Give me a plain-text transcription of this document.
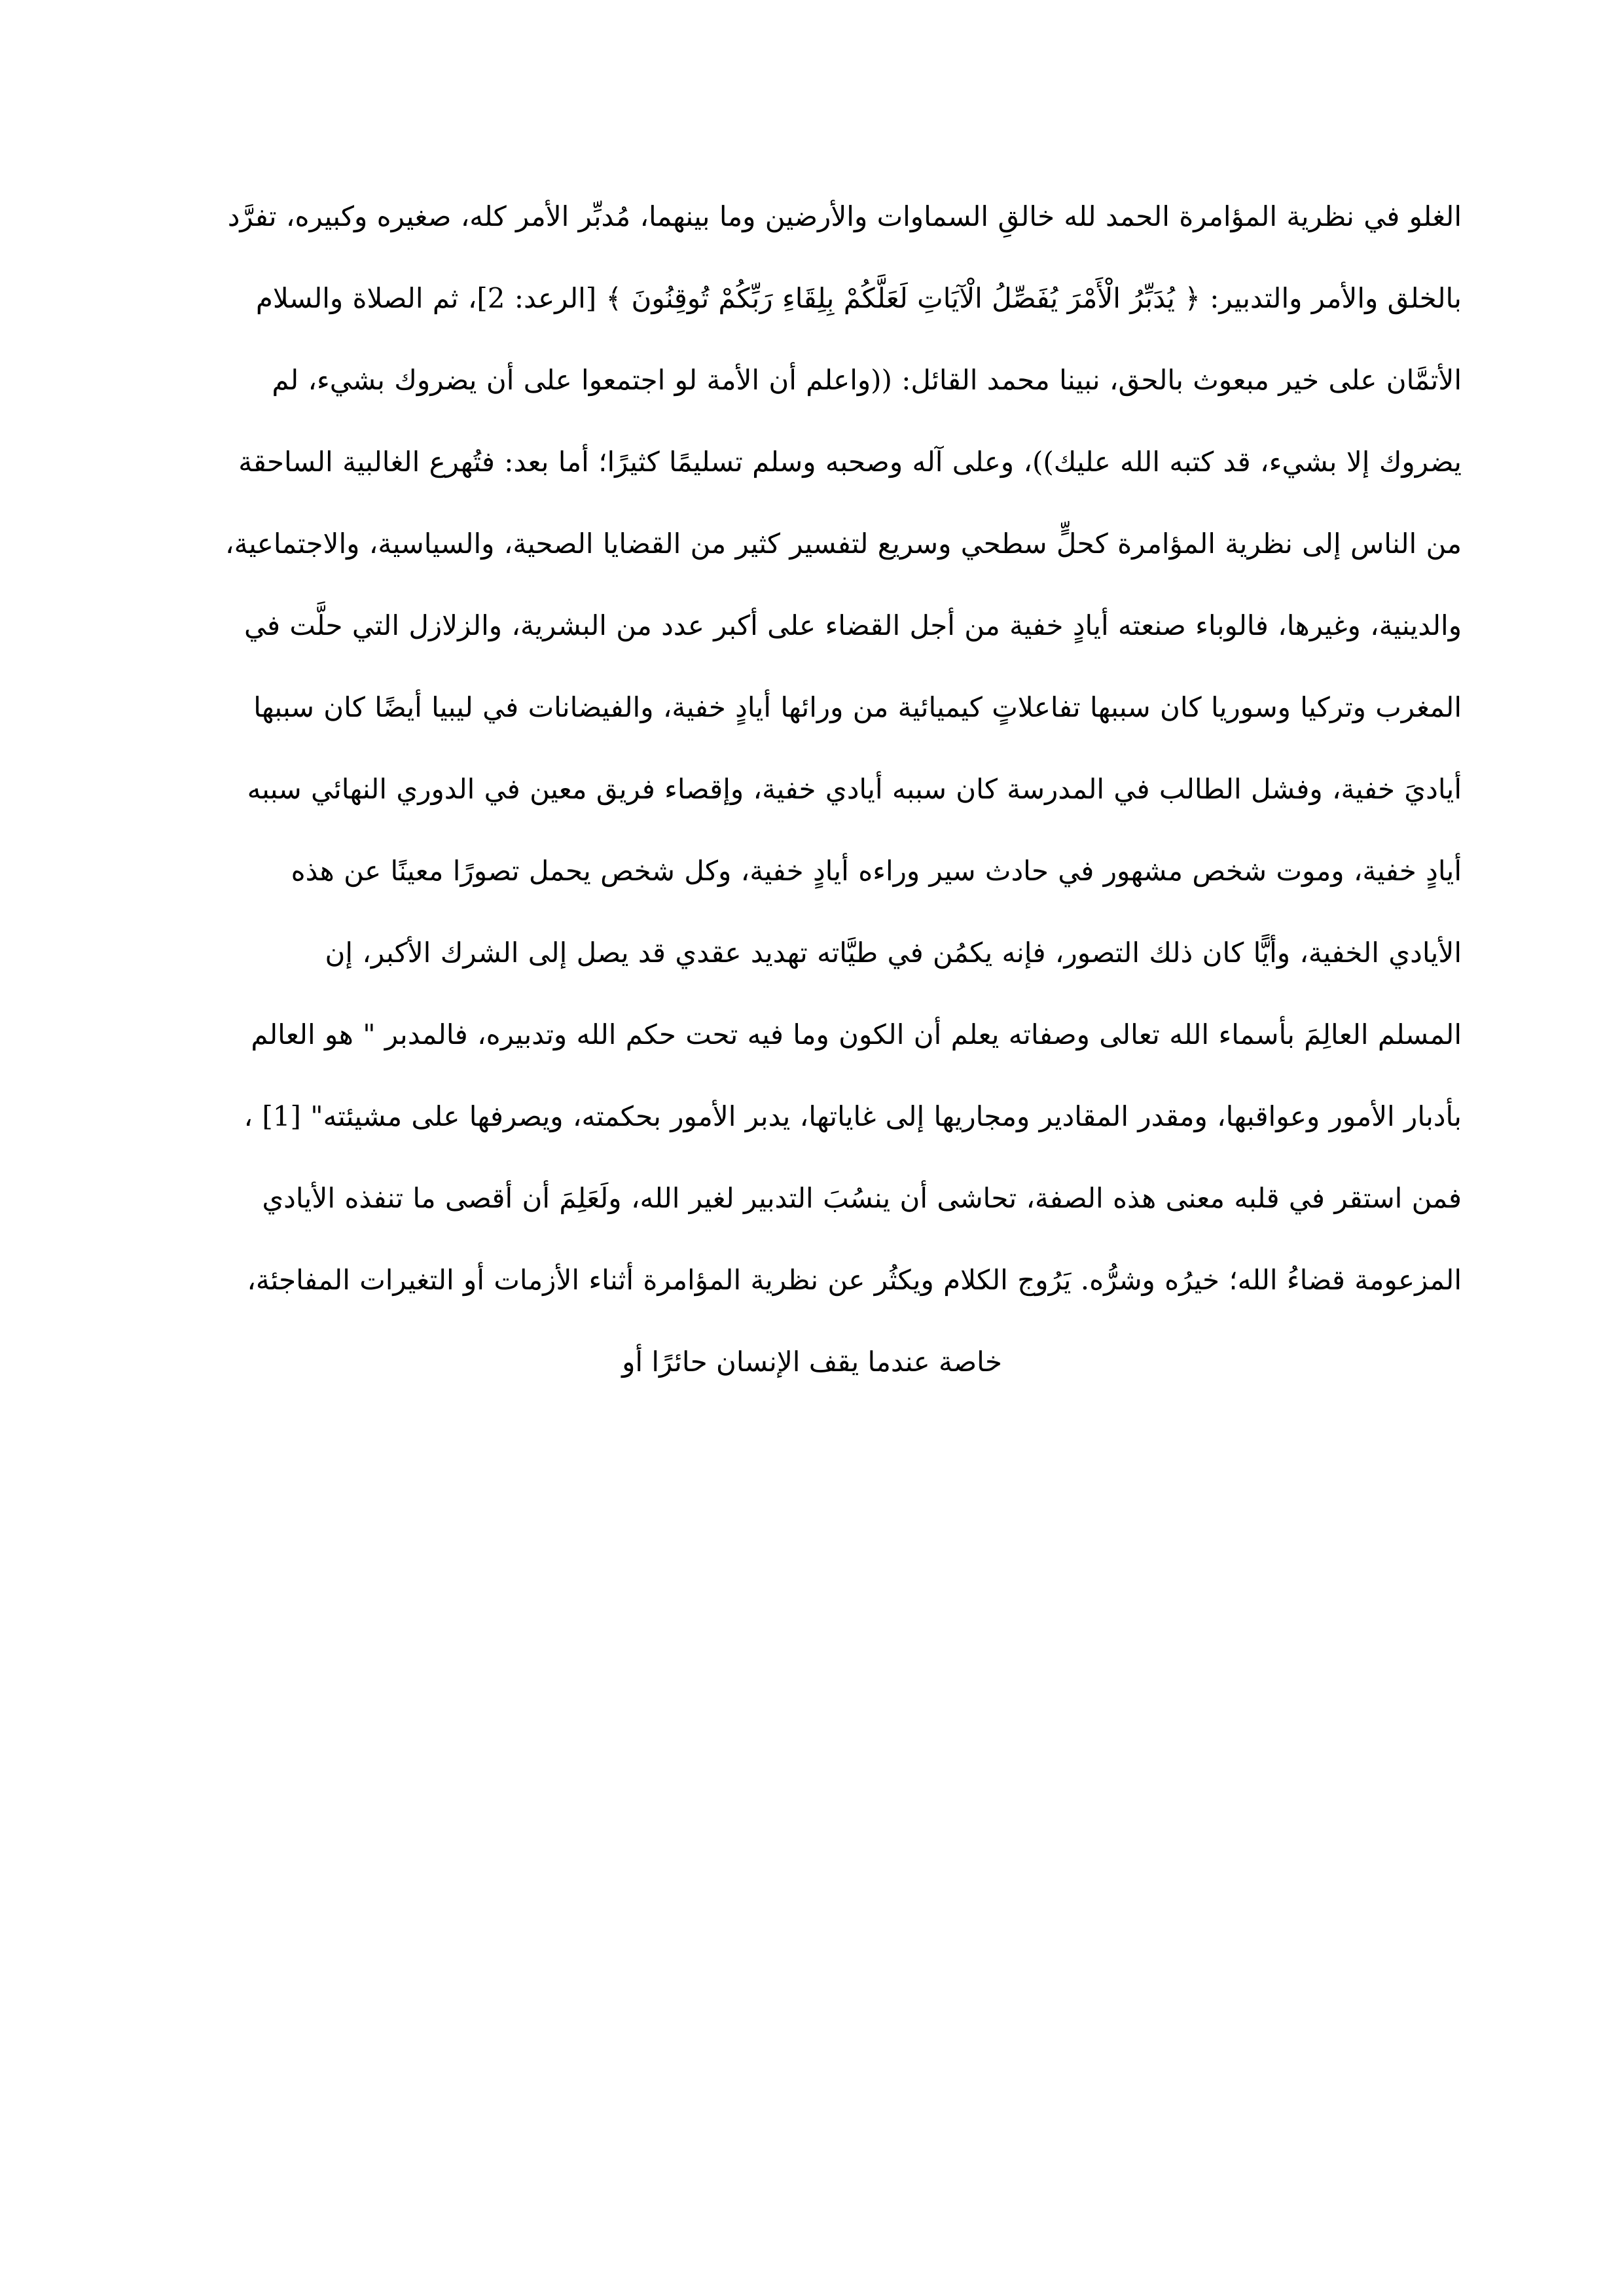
الغلو في نظرية المؤامرة الحمد لله خالقِ السماوات والأرضين وما بينهما، مُدبِّر الأمر كله، صغيره وكبيره، تفرَّد

بالخلق والأمر والتدبير: ﴿ يُدَبِّرُ الْأَمْرَ يُفَصِّلُ الْآيَاتِ لَعَلَّكُمْ بِلِقَاءِ رَبِّكُمْ تُوقِنُونَ ﴾ [الرعد: 2]، ثم الصلاة والسلام

الأتمَّان على خير مبعوث بالحق، نبينا محمد القائل: ((واعلم أن الأمة لو اجتمعوا على أن يضروك بشيء، لم

يضروك إلا بشيء، قد كتبه الله عليك))، وعلى آله وصحبه وسلم تسليمًا كثيرًا؛ أما بعد: فتُهرع الغالبية الساحقة

من الناس إلى نظرية المؤامرة كحلٍّ سطحي وسريع لتفسير كثير من القضايا الصحية، والسياسية، والاجتماعية،

والدينية، وغيرها، فالوباء صنعته أيادٍ خفية من أجل القضاء على أكبر عدد من البشرية، والزلازل التي حلَّت في

المغرب وتركيا وسوريا كان سببها تفاعلاتٍ كيميائية من ورائها أيادٍ خفية، والفيضانات في ليبيا أيضًا كان سببها

أياديَ خفية، وفشل الطالب في المدرسة كان سببه أيادي خفية، وإقصاء فريق معين في الدوري النهائي سببه

أيادٍ خفية، وموت شخص مشهور في حادث سير وراءه أيادٍ خفية، وكل شخص يحمل تصورًا معينًا عن هذه

الأيادي الخفية، وأيًّا كان ذلك التصور، فإنه يكمُن في طيَّاته تهديد عقدي قد يصل إلى الشرك الأكبر، إن

المسلم العالِمَ بأسماء الله تعالى وصفاته يعلم أن الكون وما فيه تحت حكم الله وتدبيره، فالمدبر " هو العالم

بأدبار الأمور وعواقبها، ومقدر المقادير ومجاريها إلى غاياتها، يدبر الأمور بحكمته، ويصرفها على مشيئته" [1] ،

فمن استقر في قلبه معنى هذه الصفة، تحاشى أن ينسُبَ التدبير لغير الله، ولَعَلِمَ أن أقصى ما تنفذه الأيادي

المزعومة قضاءُ الله؛ خيرُه وشرُّه. يَرُوج الكلام ويكثُر عن نظرية المؤامرة أثناء الأزمات أو التغيرات المفاجئة،

خاصة عندما يقف الإنسان حائرًا أو
